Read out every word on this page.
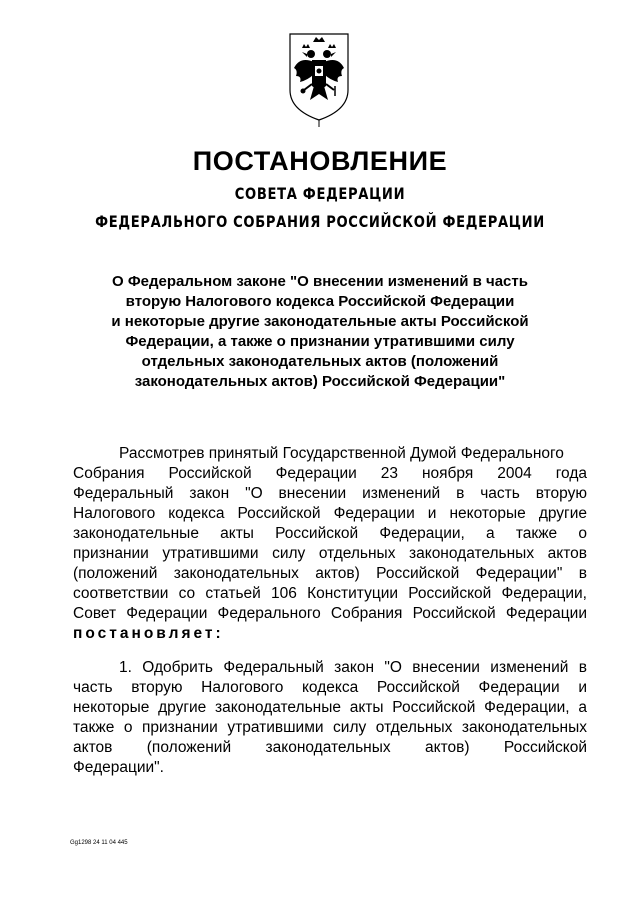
ПОСТАНОВЛЕНИЕ
СОВЕТА ФЕДЕРАЦИИ
ФЕДЕРАЛЬНОГО СОБРАНИЯ РОССИЙСКОЙ ФЕДЕРАЦИИ

О Федеральном законе "О внесении изменений в часть
вторую Налогового кодекса Российской Федерации
и некоторые другие законодательные акты Российской
Федерации, а также о признании утратившими силу
отдельных законодательных актов (положений
законодательных актов) Российской Федерации"

Рассмотрев принятый Государственной Думой Федерального
Собрания Российской Федерации 23 ноября 2004 года
Федеральный закон "О внесении изменений в часть вторую
Налогового кодекса Российской Федерации и некоторые другие
законодательные акты Российской Федерации, а также о
признании утратившими силу отдельных законодательных актов
(положений законодательных актов) Российской Федерации" в
соответствии со статьей 106 Конституции Российской Федерации,
Совет Федерации Федерального Собрания Российской Федерации
постановляет:

1. Одобрить Федеральный закон "О внесении изменений в
часть вторую Налогового кодекса Российской Федерации и
некоторые другие законодательные акты Российской Федерации, а
также о признании утратившими силу отдельных законодательных
актов (положений законодательных актов) Российской
Федерации".

Gg1298 24 11 04 445
